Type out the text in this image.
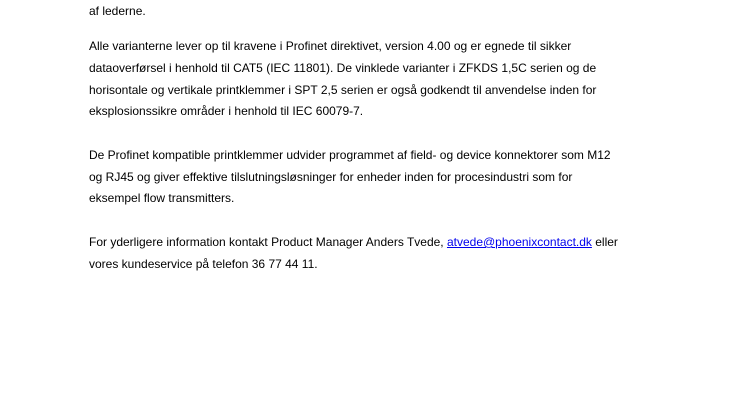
af lederne.
Alle varianterne lever op til kravene i Profinet direktivet, version 4.00 og er egnede til sikker
dataoverførsel i henhold til CAT5 (IEC 11801). De vinklede varianter i ZFKDS 1,5C serien og de
horisontale og vertikale printklemmer i SPT 2,5 serien er også godkendt til anvendelse inden for
eksplosionssikre områder i henhold til IEC 60079-7.
De Profinet kompatible printklemmer udvider programmet af field- og device konnektorer som M12
og RJ45 og giver effektive tilslutningsløsninger for enheder inden for procesindustri som for
eksempel flow transmitters.
For yderligere information kontakt Product Manager Anders Tvede, atvede@phoenixcontact.dk eller
vores kundeservice på telefon 36 77 44 11.
